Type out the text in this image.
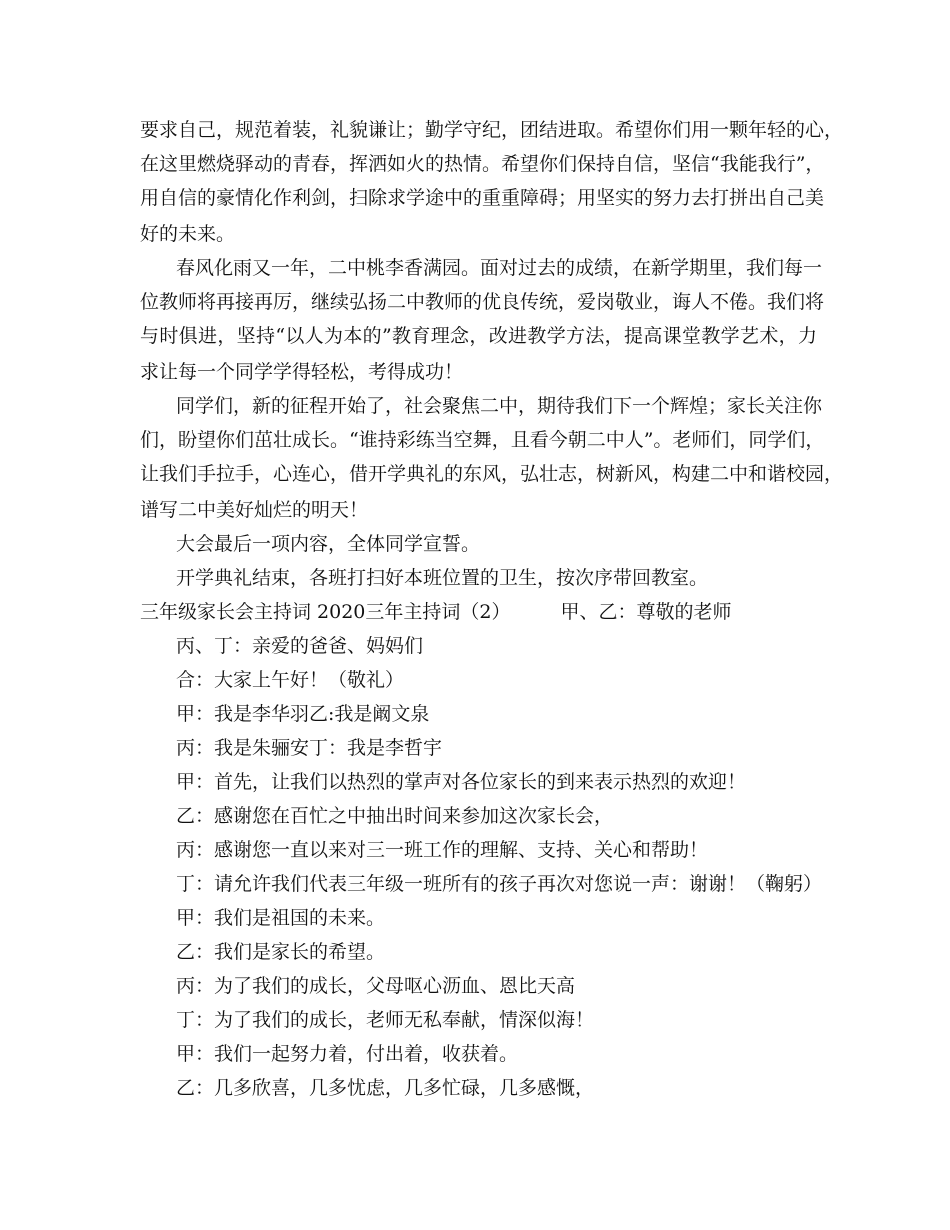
要求自己，规范着装，礼貌谦让；勤学守纪，团结进取。希望你们用一颗年轻的心，
在这里燃烧驿动的青春，挥洒如火的热情。希望你们保持自信，坚信“我能我行”，
用自信的豪情化作利剑，扫除求学途中的重重障碍；用坚实的努力去打拼出自己美
好的未来。
春风化雨又一年，二中桃李香满园。面对过去的成绩，在新学期里，我们每一
位教师将再接再厉，继续弘扬二中教师的优良传统，爱岗敬业，诲人不倦。我们将
与时俱进，坚持“以人为本的”教育理念，改进教学方法，提高课堂教学艺术，力
求让每一个同学学得轻松，考得成功！
同学们，新的征程开始了，社会聚焦二中，期待我们下一个辉煌；家长关注你
们，盼望你们茁壮成长。“谁持彩练当空舞，且看今朝二中人”。老师们，同学们，
让我们手拉手，心连心，借开学典礼的东风，弘壮志，树新风，构建二中和谐校园，
谱写二中美好灿烂的明天！
大会最后一项内容，全体同学宣誓。
开学典礼结束，各班打扫好本班位置的卫生，按次序带回教室。
三年级家长会主持词 2020三年主持词（2）	甲、乙：尊敬的老师
丙、丁：亲爱的爸爸、妈妈们
合：大家上午好！（敬礼）
甲：我是李华羽乙:我是阚文泉
丙：我是朱骊安丁：我是李哲宇
甲：首先，让我们以热烈的掌声对各位家长的到来表示热烈的欢迎！
乙：感谢您在百忙之中抽出时间来参加这次家长会，
丙：感谢您一直以来对三一班工作的理解、支持、关心和帮助！
丁：请允许我们代表三年级一班所有的孩子再次对您说一声：谢谢！（鞠躬）
甲：我们是祖国的未来。
乙：我们是家长的希望。
丙：为了我们的成长，父母呕心沥血、恩比天高
丁：为了我们的成长，老师无私奉献，情深似海！
甲：我们一起努力着，付出着，收获着。
乙：几多欣喜，几多忧虑，几多忙碌，几多感慨，
